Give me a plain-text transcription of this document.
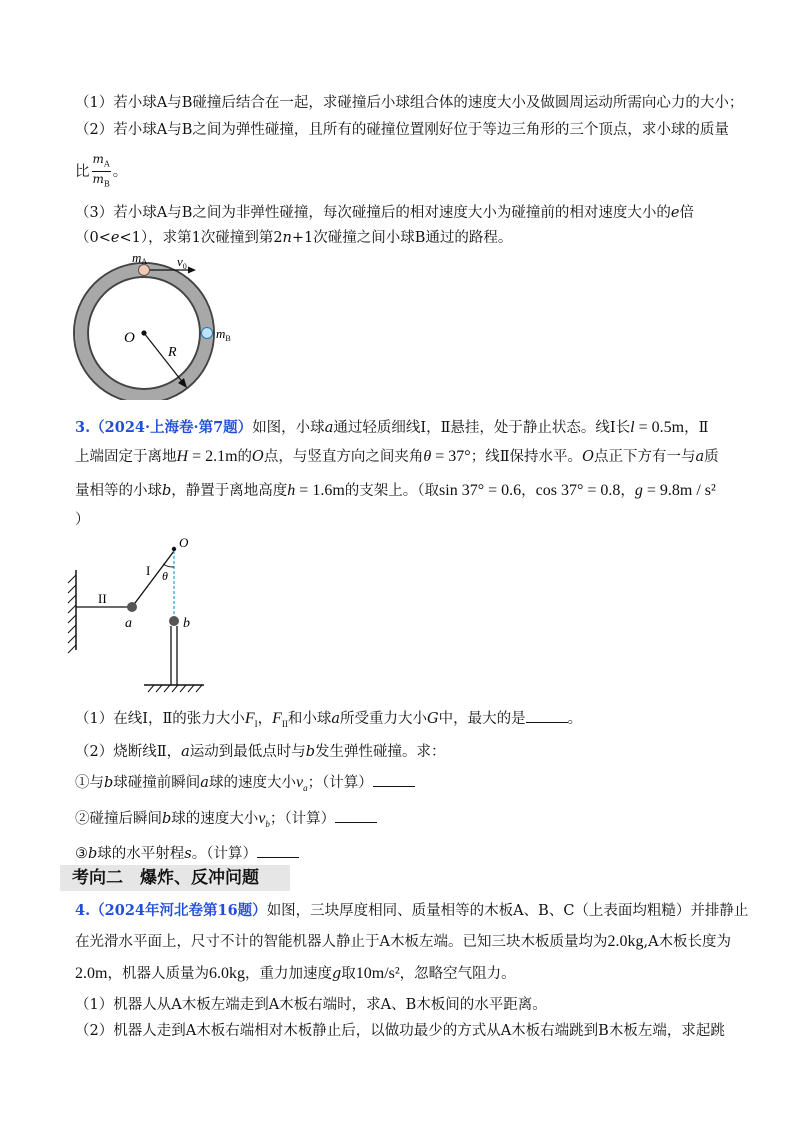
（1）若小球A与B碰撞后结合在一起，求碰撞后小球组合体的速度大小及做圆周运动所需向心力的大小；
（2）若小球A与B之间为弹性碰撞，且所有的碰撞位置刚好位于等边三角形的三个顶点，求小球的质量
比 $\frac{m_A}{m_B}$ 。
（3）若小球A与B之间为非弹性碰撞，每次碰撞后的相对速度大小为碰撞前的相对速度大小的e倍
（0<e<1），求第1次碰撞到第2n+1次碰撞之间小球B通过的路程。
mA $v_0$
$m_B$
O
R
3.（2024·上海卷·第7题）如图，小球a通过轻质细线Ⅰ，Ⅱ悬挂，处于静止状态。线Ⅰ长l = 0.5m，Ⅱ
上端固定于离地H = 2.1m的O点，与竖直方向之间夹角θ = 37°；线Ⅱ保持水平。O点正下方有一与a质
量相等的小球b，静置于离地高度h = 1.6m的支架上。（取sin 37° = 0.6，cos 37° = 0.8，g = 9.8m / s²
）
O
I θ
II
a	b
（1）在线Ⅰ，Ⅱ的张力大小$F_I$，$F_{II}$和小球a所受重力大小G中，最大的是	。
（2）烧断线Ⅱ，a运动到最低点时与b发生弹性碰撞。求：
①与b球碰撞前瞬间a球的速度大小$v_a$；（计算）
②碰撞后瞬间b球的速度大小$v_b$；（计算）
③b球的水平射程s。（计算）
考向二　爆炸、反冲问题
4.（2024年河北卷第16题）如图，三块厚度相同、质量相等的木板A、B、C（上表面均粗糙）并排静止
在光滑水平面上，尺寸不计的智能机器人静止于A木板左端。已知三块木板质量均为2.0kg,A木板长度为
2.0m，机器人质量为6.0kg，重力加速度g取10m/s²，忽略空气阻力。
（1）机器人从A木板左端走到A木板右端时，求A、B木板间的水平距离。
（2）机器人走到A木板右端相对木板静止后，以做功最少的方式从A木板右端跳到B木板左端，求起跳
